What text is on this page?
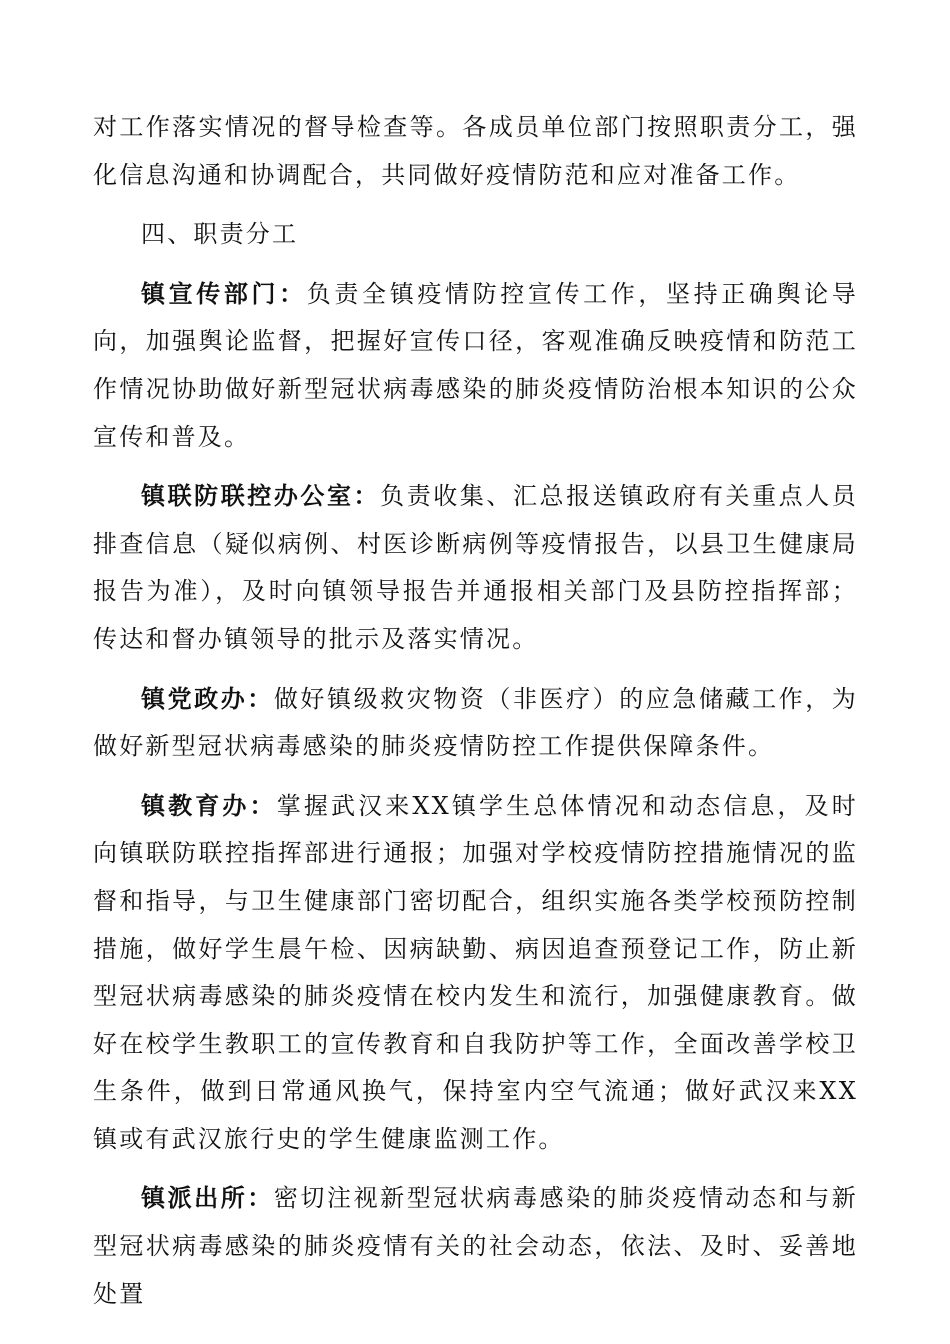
对工作落实情况的督导检查等。各成员单位部门按照职责分工，强化信息沟通和协调配合，共同做好疫情防范和应对准备工作。

四、职责分工

镇宣传部门：负责全镇疫情防控宣传工作，坚持正确舆论导向，加强舆论监督，把握好宣传口径，客观准确反映疫情和防范工作情况协助做好新型冠状病毒感染的肺炎疫情防治根本知识的公众宣传和普及。

镇联防联控办公室：负责收集、汇总报送镇政府有关重点人员排查信息（疑似病例、村医诊断病例等疫情报告，以县卫生健康局报告为准），及时向镇领导报告并通报相关部门及县防控指挥部；传达和督办镇领导的批示及落实情况。

镇党政办：做好镇级救灾物资（非医疗）的应急储藏工作，为做好新型冠状病毒感染的肺炎疫情防控工作提供保障条件。

镇教育办：掌握武汉来XX镇学生总体情况和动态信息，及时向镇联防联控指挥部进行通报；加强对学校疫情防控措施情况的监督和指导，与卫生健康部门密切配合，组织实施各类学校预防控制措施，做好学生晨午检、因病缺勤、病因追查预登记工作，防止新型冠状病毒感染的肺炎疫情在校内发生和流行，加强健康教育。做好在校学生教职工的宣传教育和自我防护等工作，全面改善学校卫生条件，做到日常通风换气，保持室内空气流通；做好武汉来XX镇或有武汉旅行史的学生健康监测工作。

镇派出所：密切注视新型冠状病毒感染的肺炎疫情动态和与新型冠状病毒感染的肺炎疫情有关的社会动态，依法、及时、妥善地处置
